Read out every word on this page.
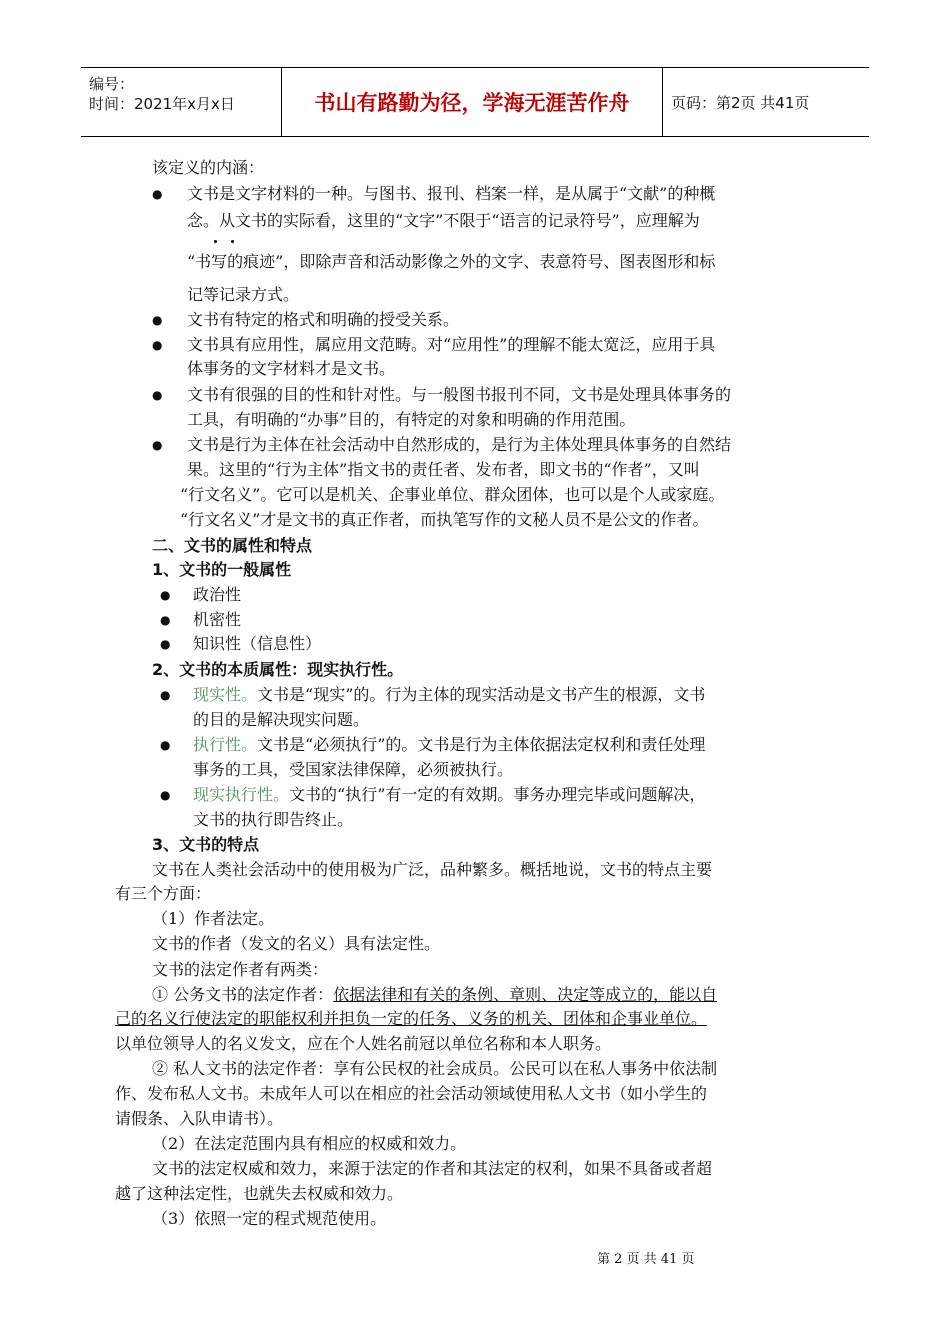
编号：
时间：2021年x月x日	书山有路勤为径，学海无涯苦作舟	页码：第2页 共41页
该定义的内涵：
● 文书是文字材料的一种。与图书、报刊、档案一样，是从属于“文献”的种概
念。从文书的实际看，这里的“文字”不限于“语言的记录符号”，应理解为
“书写的痕迹”，即除声音和活动影像之外的文字、表意符号、图表图形和标
记等记录方式。
● 文书有特定的格式和明确的授受关系。
● 文书具有应用性，属应用文范畴。对“应用性”的理解不能太宽泛，应用于具
体事务的文字材料才是文书。
● 文书有很强的目的性和针对性。与一般图书报刊不同，文书是处理具体事务的
工具，有明确的“办事”目的，有特定的对象和明确的作用范围。
● 文书是行为主体在社会活动中自然形成的，是行为主体处理具体事务的自然结
果。这里的“行为主体”指文书的责任者、发布者，即文书的“作者”，又叫
“行文名义”。它可以是机关、企事业单位、群众团体，也可以是个人或家庭。
“行文名义”才是文书的真正作者，而执笔写作的文秘人员不是公文的作者。
二、文书的属性和特点
1、文书的一般属性
● 政治性
● 机密性
● 知识性（信息性）
2、文书的本质属性：现实执行性。
● 现实性。文书是“现实”的。行为主体的现实活动是文书产生的根源，文书
的目的是解决现实问题。
● 执行性。文书是“必须执行”的。文书是行为主体依据法定权利和责任处理
事务的工具，受国家法律保障，必须被执行。
● 现实执行性。文书的“执行”有一定的有效期。事务办理完毕或问题解决，
文书的执行即告终止。
3、文书的特点
文书在人类社会活动中的使用极为广泛，品种繁多。概括地说，文书的特点主要
有三个方面：
（1）作者法定。
文书的作者（发文的名义）具有法定性。
文书的法定作者有两类：
① 公务文书的法定作者：依据法律和有关的条例、章则、决定等成立的，能以自
己的名义行使法定的职能权利并担负一定的任务、义务的机关、团体和企事业单位。
以单位领导人的名义发文，应在个人姓名前冠以单位名称和本人职务。
② 私人文书的法定作者：享有公民权的社会成员。公民可以在私人事务中依法制
作、发布私人文书。未成年人可以在相应的社会活动领域使用私人文书（如小学生的
请假条、入队申请书）。
（2）在法定范围内具有相应的权威和效力。
文书的法定权威和效力，来源于法定的作者和其法定的权利，如果不具备或者超
越了这种法定性，也就失去权威和效力。
（3）依照一定的程式规范使用。
第 2 页 共 41 页
